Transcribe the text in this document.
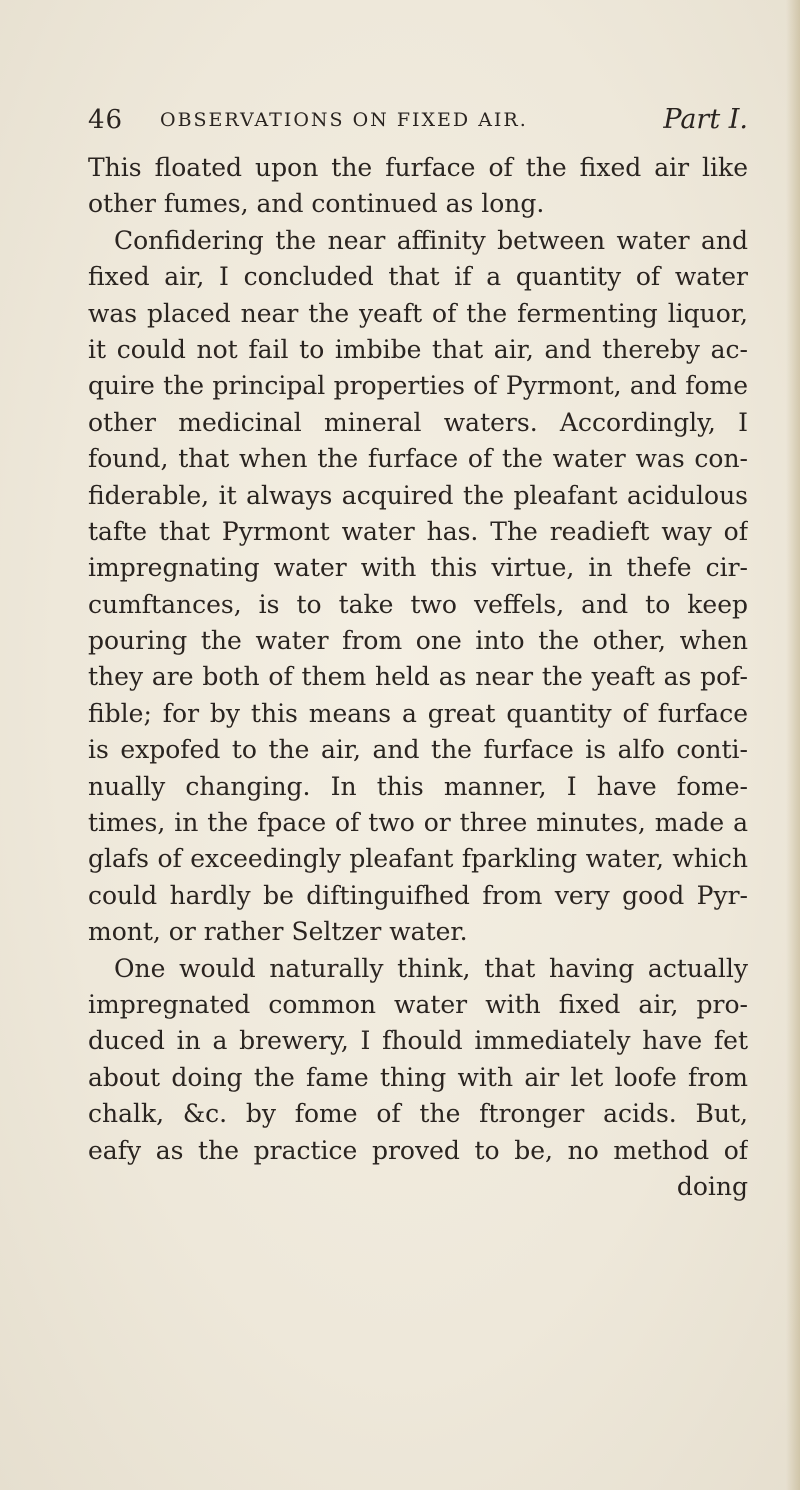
46 OBSERVATIONS ON FIXED AIR.	Part I.
This floated upon the furface of the fixed air like
other fumes, and continued as long.
Confidering the near affinity between water and
fixed air, I concluded that if a quantity of water
was placed near the yeaft of the fermenting liquor,
it could not fail to imbibe that air, and thereby ac-
quire the principal properties of Pyrmont, and fome
other medicinal mineral waters. Accordingly, I
found, that when the furface of the water was con-
fiderable, it always acquired the pleafant acidulous
tafte that Pyrmont water has. The readieft way of
impregnating water with this virtue, in thefe cir-
cumftances, is to take two veffels, and to keep
pouring the water from one into the other, when
they are both of them held as near the yeaft as pof-
fible; for by this means a great quantity of furface
is expofed to the air, and the furface is alfo conti-
nually changing. In this manner, I have fome-
times, in the fpace of two or three minutes, made a
glafs of exceedingly pleafant fparkling water, which
could hardly be diftinguifhed from very good Pyr-
mont, or rather Seltzer water.
One would naturally think, that having actually
impregnated common water with fixed air, pro-
duced in a brewery, I fhould immediately have fet
about doing the fame thing with air let loofe from
chalk, &c. by fome of the ftronger acids. But,
eafy as the practice proved to be, no method of
doing
